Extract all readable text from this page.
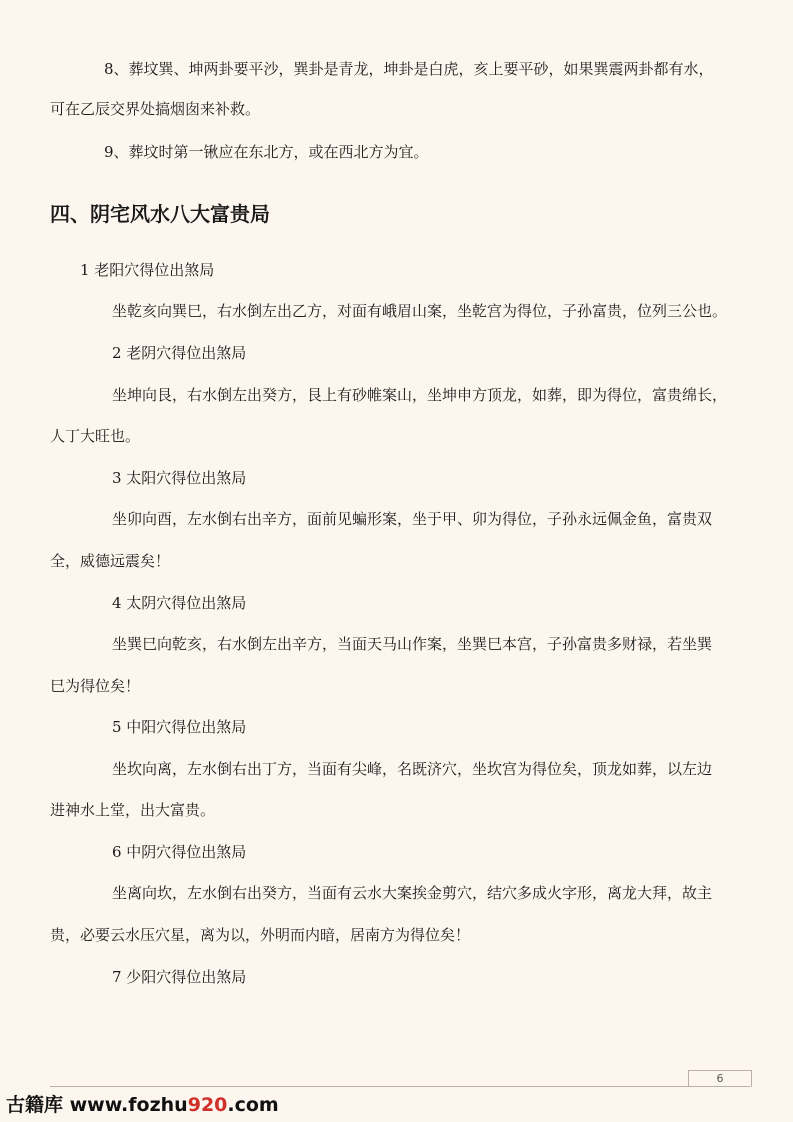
8、葬坟巽、坤两卦要平沙，巽卦是青龙，坤卦是白虎，亥上要平砂，如果巽震两卦都有水，
可在乙辰交界处搞烟囱来补救。
9、葬坟时第一锹应在东北方，或在西北方为宜。
四、阴宅风水八大富贵局
1 老阳穴得位出煞局
坐乾亥向巽巳，右水倒左出乙方，对面有峨眉山案，坐乾宫为得位，子孙富贵，位列三公也。
2 老阴穴得位出煞局
坐坤向艮，右水倒左出癸方，艮上有砂帷案山，坐坤申方顶龙，如葬，即为得位，富贵绵长，
人丁大旺也。
3 太阳穴得位出煞局
坐卯向酉，左水倒右出辛方，面前见蝙形案，坐于甲、卯为得位，子孙永远佩金鱼，富贵双
全，威德远震矣！
4 太阴穴得位出煞局
坐巽巳向乾亥，右水倒左出辛方，当面天马山作案，坐巽巳本宫，子孙富贵多财禄，若坐巽
巳为得位矣！
5 中阳穴得位出煞局
坐坎向离，左水倒右出丁方，当面有尖峰，名既济穴，坐坎宫为得位矣，顶龙如葬，以左边
进神水上堂，出大富贵。
6 中阴穴得位出煞局
坐离向坎，左水倒右出癸方，当面有云水大案挨金剪穴，结穴多成火字形，离龙大拜，故主
贵，必要云水压穴星，离为以，外明而内暗，居南方为得位矣！
7 少阳穴得位出煞局
6
古籍库 www.fozhu920.com
